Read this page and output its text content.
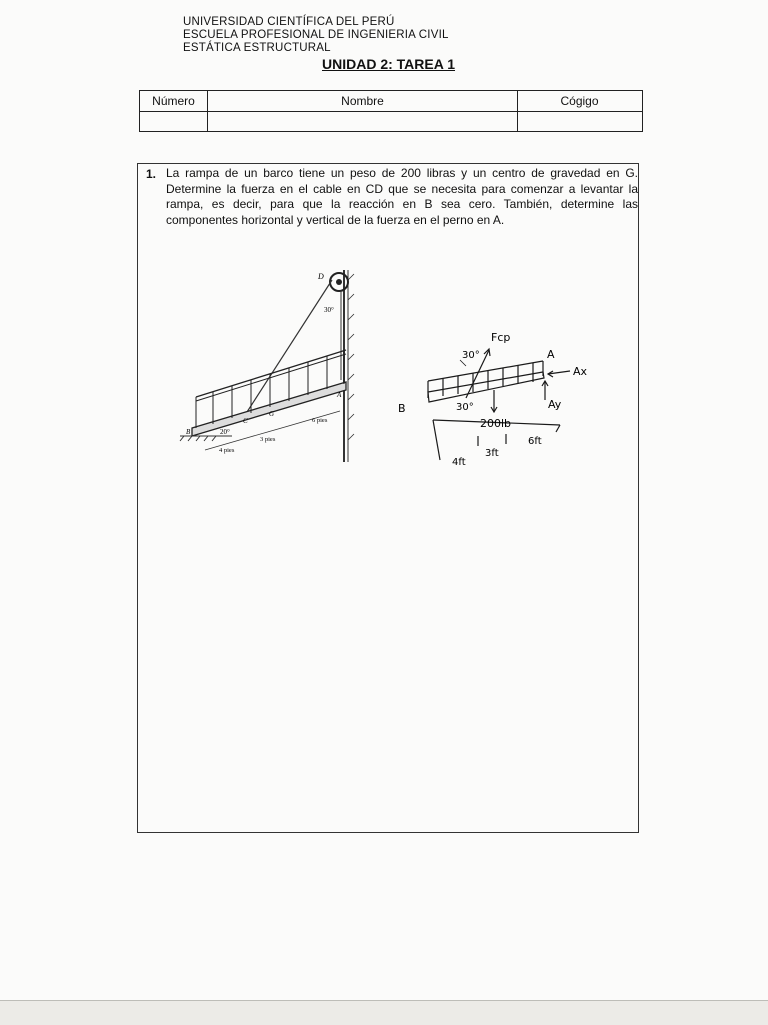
UNIVERSIDAD CIENTÍFICA DEL PERÚ
ESCUELA PROFESIONAL DE INGENIERIA CIVIL
ESTÁTICA ESTRUCTURAL
UNIDAD 2: TAREA 1
Número	Nombre	Cógigo
1. La rampa de un barco tiene un peso de 200 libras y un centro de gravedad en G. Determine la fuerza en el cable en CD que se necesita para comenzar a levantar la rampa, es decir, para que la reacción en B sea cero. También, determine las componentes horizontal y vertical de la fuerza en el perno en A.
D
30°
A
B
C
G
20°
6 pies
3 pies
4 pies
Fcp
30°	A
Ax
Ay
B	30°
200lb
4ft
3ft
6ft
